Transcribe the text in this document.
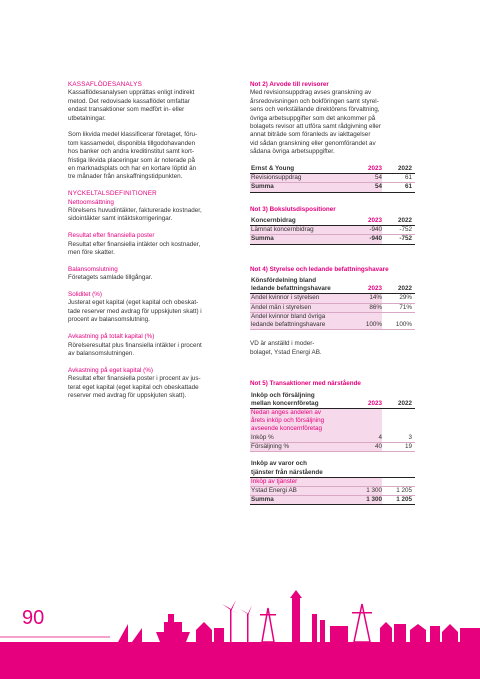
KASSAFLÖDESANALYS
Kassaflödesanalysen upprättas enligt indirekt
metod. Det redovisade kassaflödet omfattar
endast transaktioner som medfört in- eller
utbetalningar.
Som likvida medel klassificerar företaget, föru-
tom kassamedel, disponibla tillgodohavanden
hos banker och andra kreditinstitut samt kort-
fristiga likvida placeringar som är noterade på
en marknadsplats och har en kortare löptid än
tre månader från anskaffningstidpunkten.
NYCKELTALSDEFINITIONER
Nettoomsättning
Rörelsens huvudintäkter, fakturerade kostnader,
sidointäkter samt intäktskorrigeringar.
Resultat efter finansiella poster
Resultat efter finansiella intäkter och kostnader,
men före skatter.
Balansomslutning
Företagets samlade tillgångar.
Soliditet (%)
Justerat eget kapital (eget kapital och obeskat-
tade reserver med avdrag för uppskjuten skatt) i
procent av balansomslutning.
Avkastning på totalt kapital (%)
Rörelseresultat plus finansiella intäkter i procent
av balansomslutningen.
Avkastning på eget kapital (%)
Resultat efter finansiella poster i procent av jus-
terat eget kapital (eget kapital och obeskattade
reserver med avdrag för uppskjuten skatt).
Not 2) Arvode till revisorer
Med revisionsuppdrag avses granskning av
årsredovisningen och bokföringen samt styrel-
sens och verkställande direktörens förvaltning,
övriga arbetsuppgifter som det ankommer på
bolagets revisor att utföra samt rådgivning eller
annat biträde som föranleds av iakttagelser
vid sådan granskning eller genomförandet av
sådana övriga arbetsuppgifter.
Ernst & Young	2023	2022
Revisionsuppdrag	54	61
Summa	54	61
Not 3) Bokslutsdispositioner
Koncernbidrag	2023	2022
Lämnat koncernbidrag	-940	-752
Summa	-940	-752
Not 4) Styrelse och ledande befattningshavare
Könsfördelning bland
ledande befattningshavare	2023	2022
Andel kvinnor i styrelsen	14%	29%
Andel män i styrelsen	86%	71%

Andel kvinnor bland övriga
ledande befattningshavare	100%	100%
VD är anställd i moder-
bolaget, Ystad Energi AB.
Not 5) Transaktioner med närstående
Inköp och försäljning
mellan koncernföretag	2023	2022

Nedan anges andelen av
årets inköp och försäljning
avseende koncernföretag		

Inköp %	4	3
Försäljning %	40	19

Inköp av varor och
tjänster från närstående		

Inköp av tjänster		
Ystad Energi AB	1 300	1 205
Summa	1 300	1 205
90
